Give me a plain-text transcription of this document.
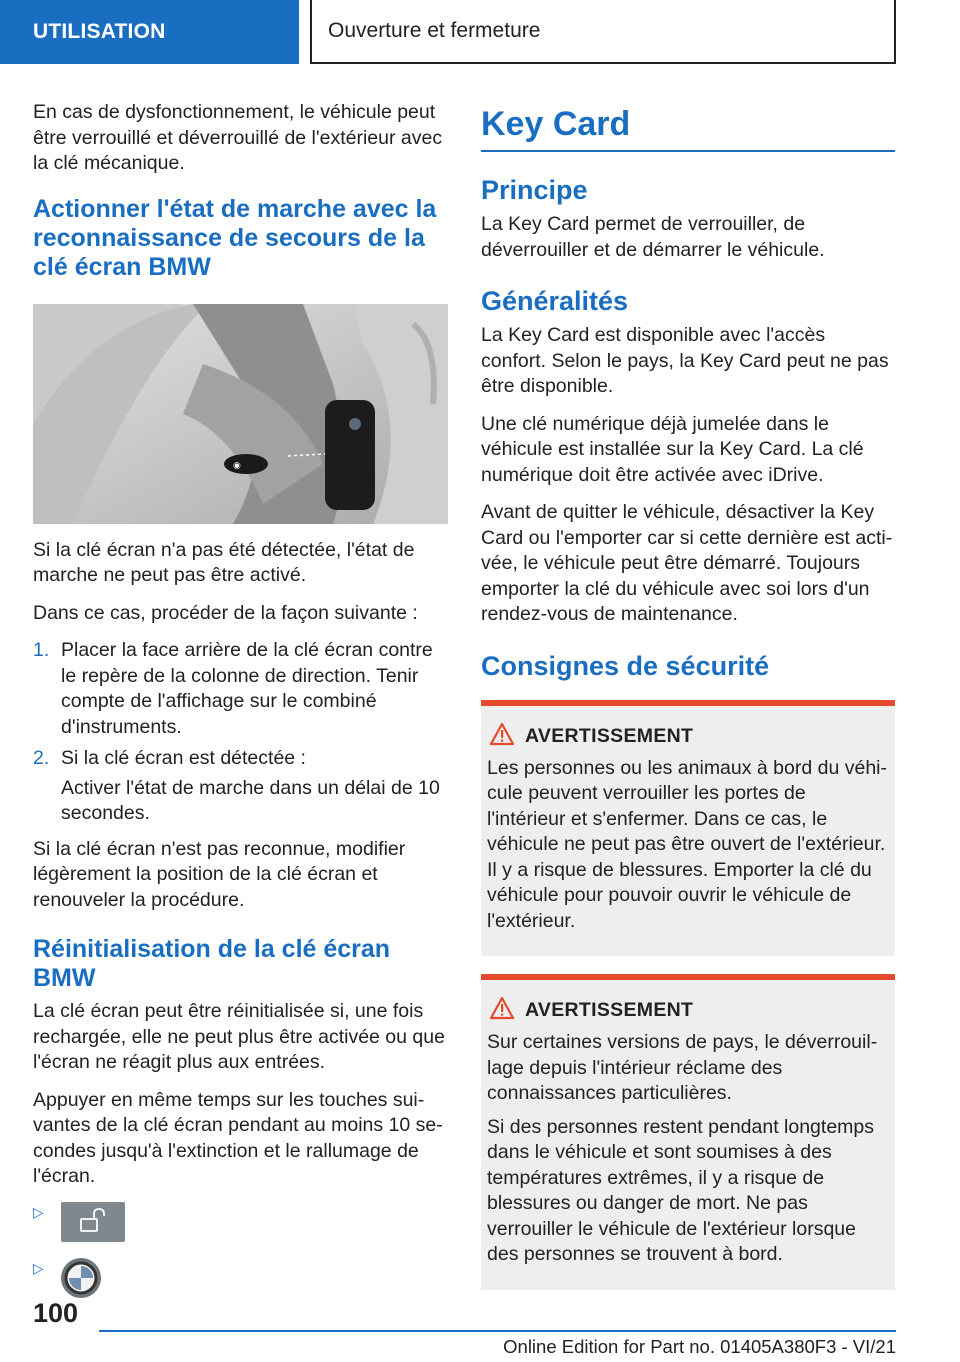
UTILISATION	Ouverture et fermeture

En cas de dysfonctionnement, le véhicule peut être verrouillé et déverrouillé de l'extérieur avec la clé mécanique.

Actionner l'état de marche avec la reconnaissance de secours de la clé écran BMW
◉

Si la clé écran n'a pas été détectée, l'état de marche ne peut pas être activé.

Dans ce cas, procéder de la façon suivante :

1. Placer la face arrière de la clé écran contre le repère de la colonne de direction. Tenir compte de l'affichage sur le combiné d'instruments.
2. Si la clé écran est détectée :
Activer l'état de marche dans un délai de 10 secondes.

Si la clé écran n'est pas reconnue, modifier légèrement la position de la clé écran et renouveler la procédure.

Réinitialisation de la clé écran BMW

La clé écran peut être réinitialisée si, une fois rechargée, elle ne peut plus être activée ou que l'écran ne réagit plus aux entrées.

Appuyer en même temps sur les touches suivantes de la clé écran pendant au moins 10 secondes jusqu'à l'extinction et le rallumage de l'écran.

▷
▷
Key Card
Principe

La Key Card permet de verrouiller, de déverrouiller et de démarrer le véhicule.

Généralités

La Key Card est disponible avec l'accès confort. Selon le pays, la Key Card peut ne pas être disponible.

Une clé numérique déjà jumelée dans le véhicule est installée sur la Key Card. La clé numérique doit être activée avec iDrive.

Avant de quitter le véhicule, désactiver la Key Card ou l'emporter car si cette dernière est activée, le véhicule peut être démarré. Toujours emporter la clé du véhicule avec soi lors d'un rendez-vous de maintenance.

Consignes de sécurité
AVERTISSEMENT

Les personnes ou les animaux à bord du véhicule peuvent verrouiller les portes de l'intérieur et s'enfermer. Dans ce cas, le véhicule ne peut pas être ouvert de l'extérieur. Il y a risque de blessures. Emporter la clé du véhicule pour pouvoir ouvrir le véhicule de l'extérieur.

AVERTISSEMENT

Sur certaines versions de pays, le déverrouillage depuis l'intérieur réclame des connaissances particulières.

Si des personnes restent pendant longtemps dans le véhicule et sont soumises à des températures extrêmes, il y a risque de blessures ou danger de mort. Ne pas verrouiller le véhicule de l'extérieur lorsque des personnes se trouvent à bord.

100
Online Edition for Part no. 01405A380F3 - VI/21
